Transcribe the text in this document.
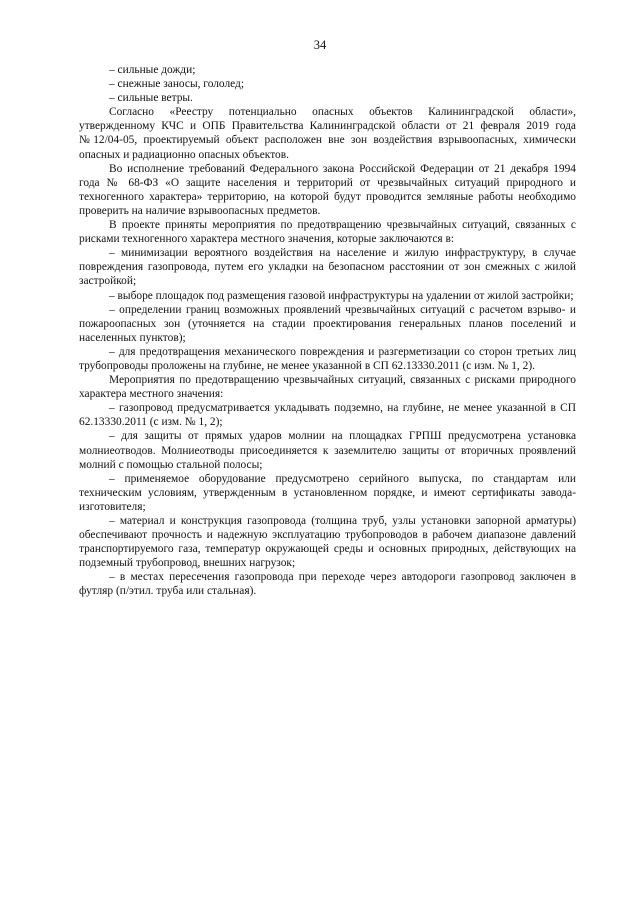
34

– сильные дожди;

– снежные заносы, гололед;

– сильные ветры.

Согласно «Реестру потенциально опасных объектов Калининградской области», утвержденному КЧС и ОПБ Правительства Калининградской области от 21 февраля 2019 года №12/04-05, проектируемый объект расположен вне зон воздействия взрывоопасных, химически опасных и радиационно опасных объектов.

Во исполнение требований Федерального закона Российской Федерации от 21 декабря 1994 года № 68-ФЗ «О защите населения и территорий от чрезвычайных ситуаций природного и техногенного характера» территорию, на которой будут проводится земляные работы необходимо проверить на наличие взрывоопасных предметов.

В проекте приняты мероприятия по предотвращению чрезвычайных ситуаций, связанных с рисками техногенного характера местного значения, которые заключаются в:

– минимизации вероятного воздействия на население и жилую инфраструктуру, в случае повреждения газопровода, путем его укладки на безопасном расстоянии от зон смежных с жилой застройкой;

– выборе площадок под размещения газовой инфраструктуры на удалении от жилой застройки;

– определении границ возможных проявлений чрезвычайных ситуаций с расчетом взрыво- и пожароопасных зон (уточняется на стадии проектирования генеральных планов поселений и населенных пунктов);

– для предотвращения механического повреждения и разгерметизации со сторон третьих лиц трубопроводы проложены на глубине, не менее указанной в СП 62.13330.2011 (с изм. № 1, 2).

Мероприятия по предотвращению чрезвычайных ситуаций, связанных с рисками природного характера местного значения:

– газопровод предусматривается укладывать подземно, на глубине, не менее указанной в СП 62.13330.2011 (с изм. № 1, 2);

– для защиты от прямых ударов молнии на площадках ГРПШ предусмотрена установка молниеотводов. Молниеотводы присоединяется к заземлителю защиты от вторичных проявлений молний с помощью стальной полосы;

– применяемое оборудование предусмотрено серийного выпуска, по стандартам или техническим условиям, утвержденным в установленном порядке, и имеют сертификаты завода-изготовителя;

– материал и конструкция газопровода (толщина труб, узлы установки запорной арматуры) обеспечивают прочность и надежную эксплуатацию трубопроводов в рабочем диапазоне давлений транспортируемого газа, температур окружающей среды и основных природных, действующих на подземный трубопровод, внешних нагрузок;

– в местах пересечения газопровода при переходе через автодороги газопровод заключен в футляр (п/этил. труба или стальная).
